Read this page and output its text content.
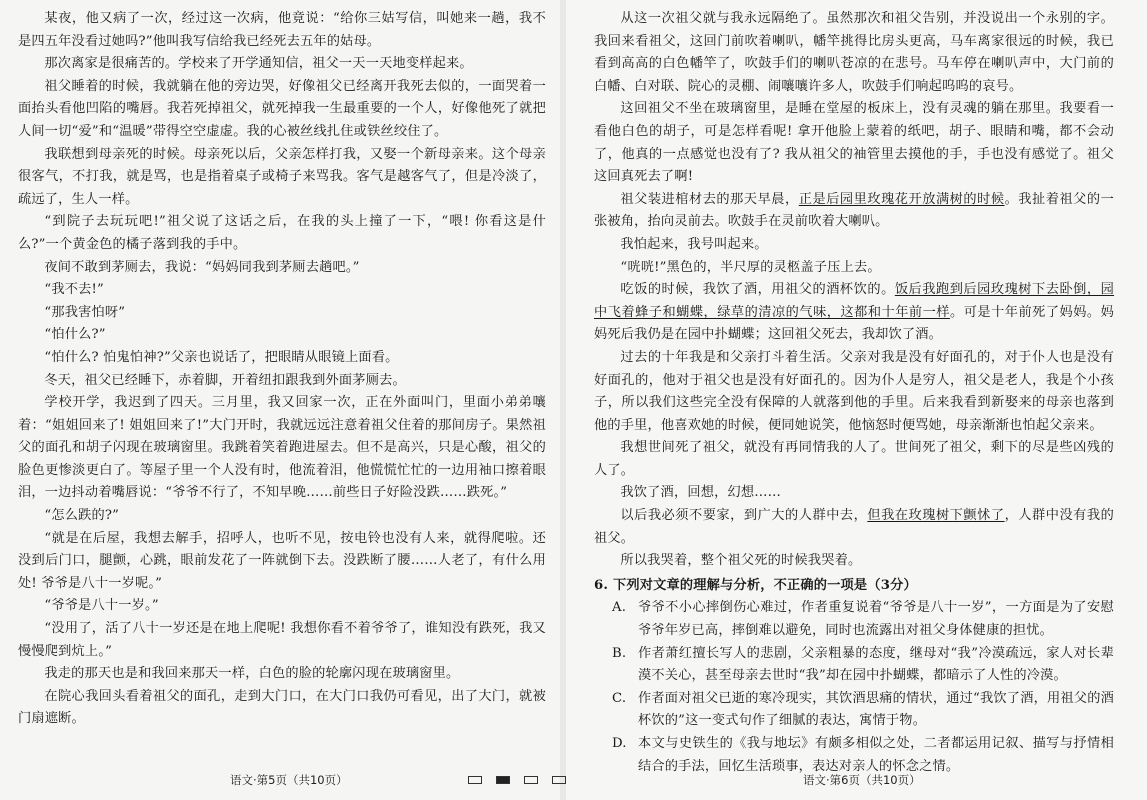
某夜，他又病了一次，经过这一次病，他竟说：“给你三姑写信，叫她来一趟，我不是四五年没看过她吗?”他叫我写信给我已经死去五年的姑母。

那次离家是很痛苦的。学校来了开学通知信，祖父一天一天地变样起来。

祖父睡着的时候，我就躺在他的旁边哭，好像祖父已经离开我死去似的，一面哭着一面抬头看他凹陷的嘴唇。我若死掉祖父，就死掉我一生最重要的一个人，好像他死了就把人间一切“爱”和“温暖”带得空空虚虚。我的心被丝线扎住或铁丝绞住了。

我联想到母亲死的时候。母亲死以后，父亲怎样打我，又娶一个新母亲来。这个母亲很客气，不打我，就是骂，也是指着桌子或椅子来骂我。客气是越客气了，但是冷淡了，疏远了，生人一样。

“到院子去玩玩吧!”祖父说了这话之后，在我的头上撞了一下，“喂! 你看这是什么?”一个黄金色的橘子落到我的手中。

夜间不敢到茅厕去，我说：“妈妈同我到茅厕去趟吧。”

“我不去!”

“那我害怕呀”

“怕什么?”

“怕什么? 怕鬼怕神?”父亲也说话了，把眼睛从眼镜上面看。

冬天，祖父已经睡下，赤着脚，开着纽扣跟我到外面茅厕去。

学校开学，我迟到了四天。三月里，我又回家一次，正在外面叫门，里面小弟弟嚷着：“姐姐回来了! 姐姐回来了!”大门开时，我就远远注意着祖父住着的那间房子。果然祖父的面孔和胡子闪现在玻璃窗里。我跳着笑着跑进屋去。但不是高兴，只是心酸，祖父的脸色更惨淡更白了。等屋子里一个人没有时，他流着泪，他慌慌忙忙的一边用袖口擦着眼泪，一边抖动着嘴唇说：“爷爷不行了，不知早晚……前些日子好险没跌……跌死。”

“怎么跌的?”

“就是在后屋，我想去解手，招呼人，也听不见，按电铃也没有人来，就得爬啦。还没到后门口，腿颤，心跳，眼前发花了一阵就倒下去。没跌断了腰……人老了，有什么用处! 爷爷是八十一岁呢。”

“爷爷是八十一岁。”

“没用了，活了八十一岁还是在地上爬呢! 我想你看不着爷爷了，谁知没有跌死，我又慢慢爬到炕上。”

我走的那天也是和我回来那天一样，白色的脸的轮廓闪现在玻璃窗里。

在院心我回头看着祖父的面孔，走到大门口，在大门口我仍可看见，出了大门，就被门扇遮断。

语文·第5页（共10页）

从这一次祖父就与我永远隔绝了。虽然那次和祖父告别，并没说出一个永别的字。我回来看祖父，这回门前吹着喇叭，幡竿挑得比房头更高，马车离家很远的时候，我已看到高高的白色幡竿了，吹鼓手们的喇叭苍凉的在悲号。马车停在喇叭声中，大门前的白幡、白对联、院心的灵棚、闹嚷嚷许多人，吹鼓手们响起呜呜的哀号。

这回祖父不坐在玻璃窗里，是睡在堂屋的板床上，没有灵魂的躺在那里。我要看一看他白色的胡子，可是怎样看呢! 拿开他脸上蒙着的纸吧，胡子、眼睛和嘴，都不会动了，他真的一点感觉也没有了? 我从祖父的袖管里去摸他的手，手也没有感觉了。祖父这回真死去了啊!

祖父装进棺材去的那天早晨，正是后园里玫瑰花开放满树的时候。我扯着祖父的一张被角，抬向灵前去。吹鼓手在灵前吹着大喇叭。

我怕起来，我号叫起来。

“咣咣!”黑色的，半尺厚的灵柩盖子压上去。

吃饭的时候，我饮了酒，用祖父的酒杯饮的。饭后我跑到后园玫瑰树下去卧倒，园中飞着蜂子和蝴蝶，绿草的清凉的气味，这都和十年前一样。可是十年前死了妈妈。妈妈死后我仍是在园中扑蝴蝶；这回祖父死去，我却饮了酒。

过去的十年我是和父亲打斗着生活。父亲对我是没有好面孔的，对于仆人也是没有好面孔的，他对于祖父也是没有好面孔的。因为仆人是穷人，祖父是老人，我是个小孩子，所以我们这些完全没有保障的人就落到他的手里。后来我看到新娶来的母亲也落到他的手里，他喜欢她的时候，便同她说笑，他恼怒时便骂她，母亲渐渐也怕起父亲来。

我想世间死了祖父，就没有再同情我的人了。世间死了祖父，剩下的尽是些凶残的人了。

我饮了酒，回想，幻想……

以后我必须不要家，到广大的人群中去，但我在玫瑰树下颤怵了，人群中没有我的祖父。

所以我哭着，整个祖父死的时候我哭着。

6. 下列对文章的理解与分析，不正确的一项是（3分）

A. 爷爷不小心摔倒伤心难过，作者重复说着“爷爷是八十一岁”，一方面是为了安慰爷爷年岁已高，摔倒难以避免，同时也流露出对祖父身体健康的担忧。
B. 作者萧红擅长写人的悲剧，父亲粗暴的态度，继母对“我”冷漠疏远，家人对长辈漠不关心，甚至母亲去世时“我”却在园中扑蝴蝶，都暗示了人性的冷漠。
C. 作者面对祖父已逝的寒冷现实，其饮酒思痛的情状，通过“我饮了酒，用祖父的酒杯饮的”这一变式句作了细腻的表达，寓情于物。
D. 本文与史铁生的《我与地坛》有颇多相似之处，二者都运用记叙、描写与抒情相结合的手法，回忆生活琐事，表达对亲人的怀念之情。
语文·第6页（共10页）
